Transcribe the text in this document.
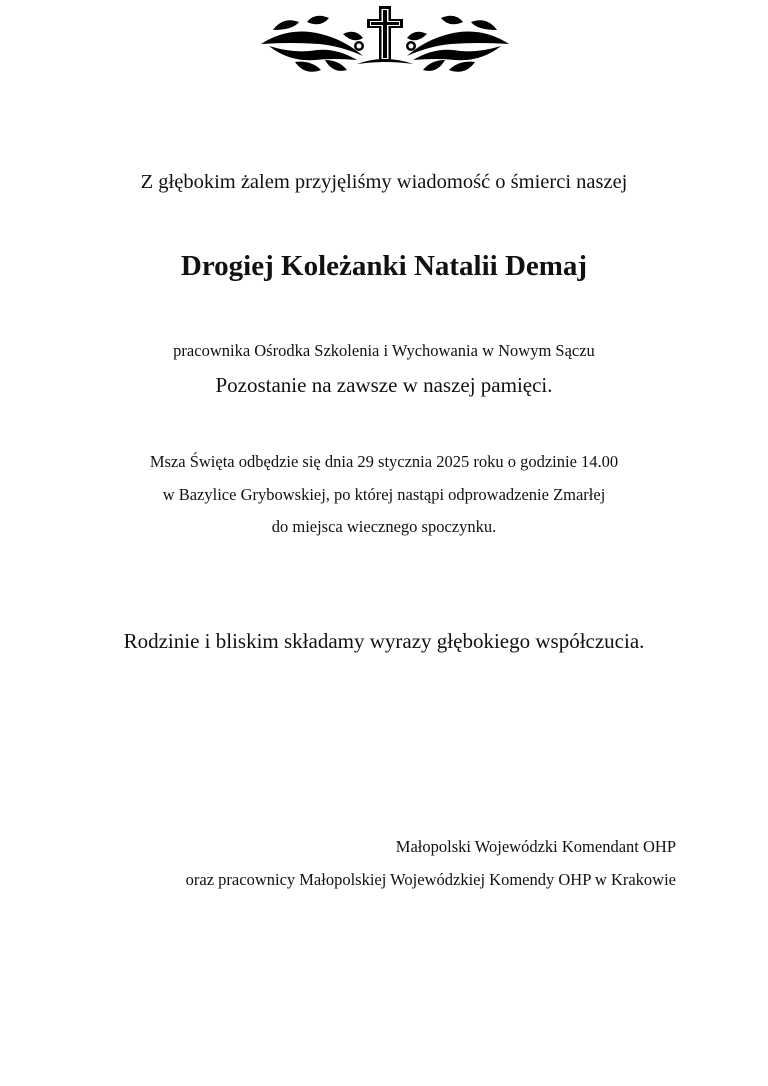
Z głębokim żalem przyjęliśmy wiadomość o śmierci naszej

Drogiej Koleżanki Natalii Demaj

pracownika Ośrodka Szkolenia i Wychowania w Nowym Sączu

Pozostanie na zawsze w naszej pamięci.

Msza Święta odbędzie się dnia 29 stycznia 2025 roku o godzinie 14.00

w Bazylice Grybowskiej, po której nastąpi odprowadzenie Zmarłej

do miejsca wiecznego spoczynku.

Rodzinie i bliskim składamy wyrazy głębokiego współczucia.

Małopolski Wojewódzki Komendant OHP

oraz pracownicy Małopolskiej Wojewódzkiej Komendy OHP w Krakowie
